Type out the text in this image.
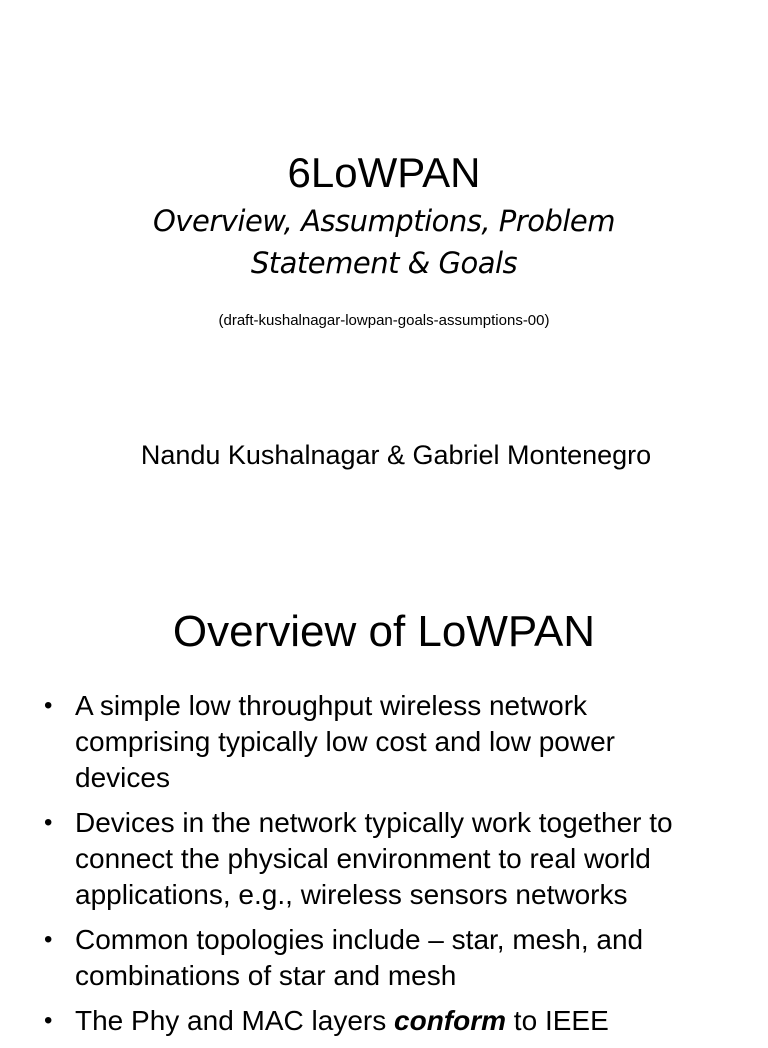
6LoWPAN
Overview, Assumptions, Problem
Statement & Goals
(draft-kushalnagar-lowpan-goals-assumptions-00)
Nandu Kushalnagar & Gabriel Montenegro
Overview of LoWPAN
• A simple low throughput wireless network
comprising typically low cost and low power
devices
• Devices in the network typically work together to
connect the physical environment to real world
applications, e.g., wireless sensors networks
• Common topologies include – star, mesh, and
combinations of star and mesh
• The Phy and MAC layers conform to IEEE
